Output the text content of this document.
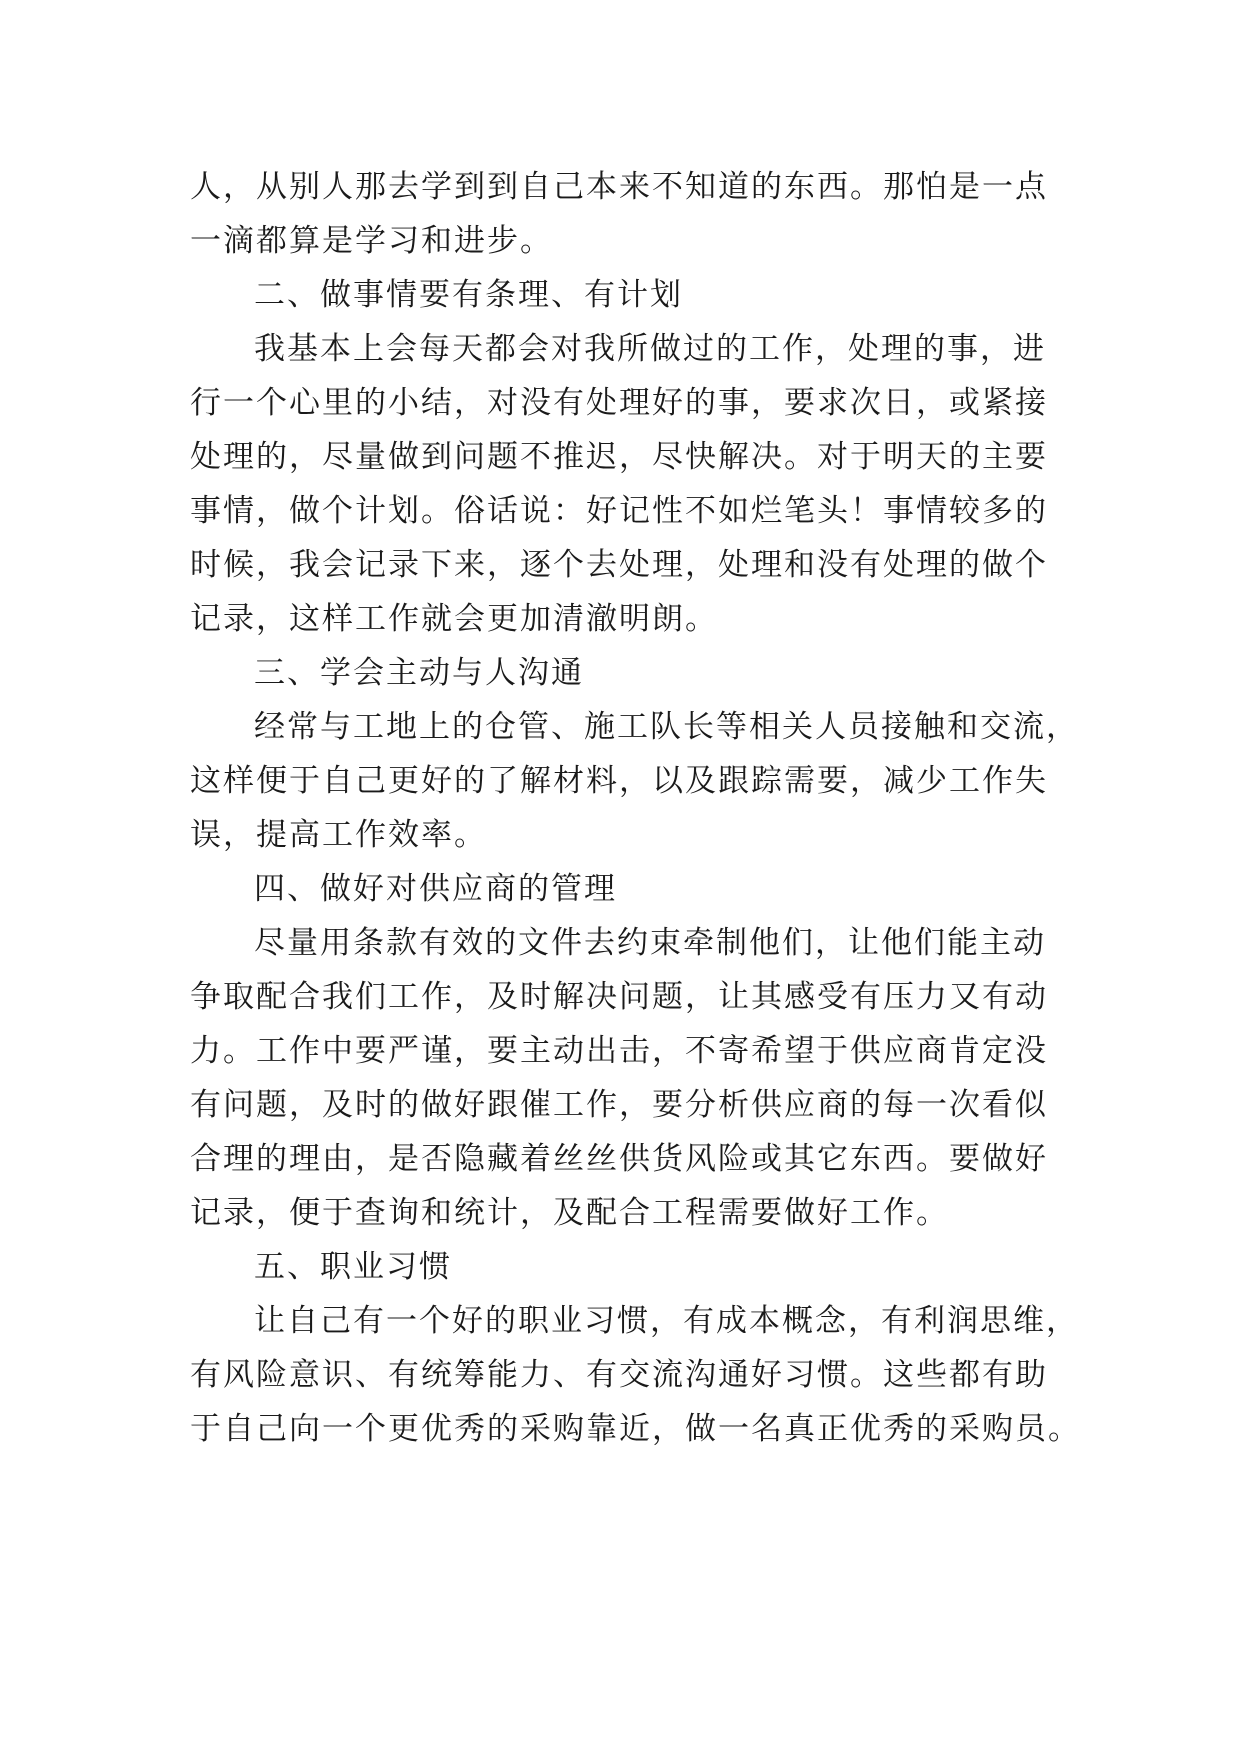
人，从别人那去学到到自己本来不知道的东西。那怕是一点

一滴都算是学习和进步。

二、做事情要有条理、有计划

我基本上会每天都会对我所做过的工作，处理的事，进

行一个心里的小结，对没有处理好的事，要求次日，或紧接

处理的，尽量做到问题不推迟，尽快解决。对于明天的主要

事情，做个计划。俗话说：好记性不如烂笔头！事情较多的

时候，我会记录下来，逐个去处理，处理和没有处理的做个

记录，这样工作就会更加清澈明朗。

三、学会主动与人沟通

经常与工地上的仓管、施工队长等相关人员接触和交流，

这样便于自己更好的了解材料，以及跟踪需要，减少工作失

误，提高工作效率。

四、做好对供应商的管理

尽量用条款有效的文件去约束牵制他们，让他们能主动

争取配合我们工作，及时解决问题，让其感受有压力又有动

力。工作中要严谨，要主动出击，不寄希望于供应商肯定没

有问题，及时的做好跟催工作，要分析供应商的每一次看似

合理的理由，是否隐藏着丝丝供货风险或其它东西。要做好

记录，便于查询和统计，及配合工程需要做好工作。

五、职业习惯

让自己有一个好的职业习惯，有成本概念，有利润思维，

有风险意识、有统筹能力、有交流沟通好习惯。这些都有助

于自己向一个更优秀的采购靠近，做一名真正优秀的采购员。
